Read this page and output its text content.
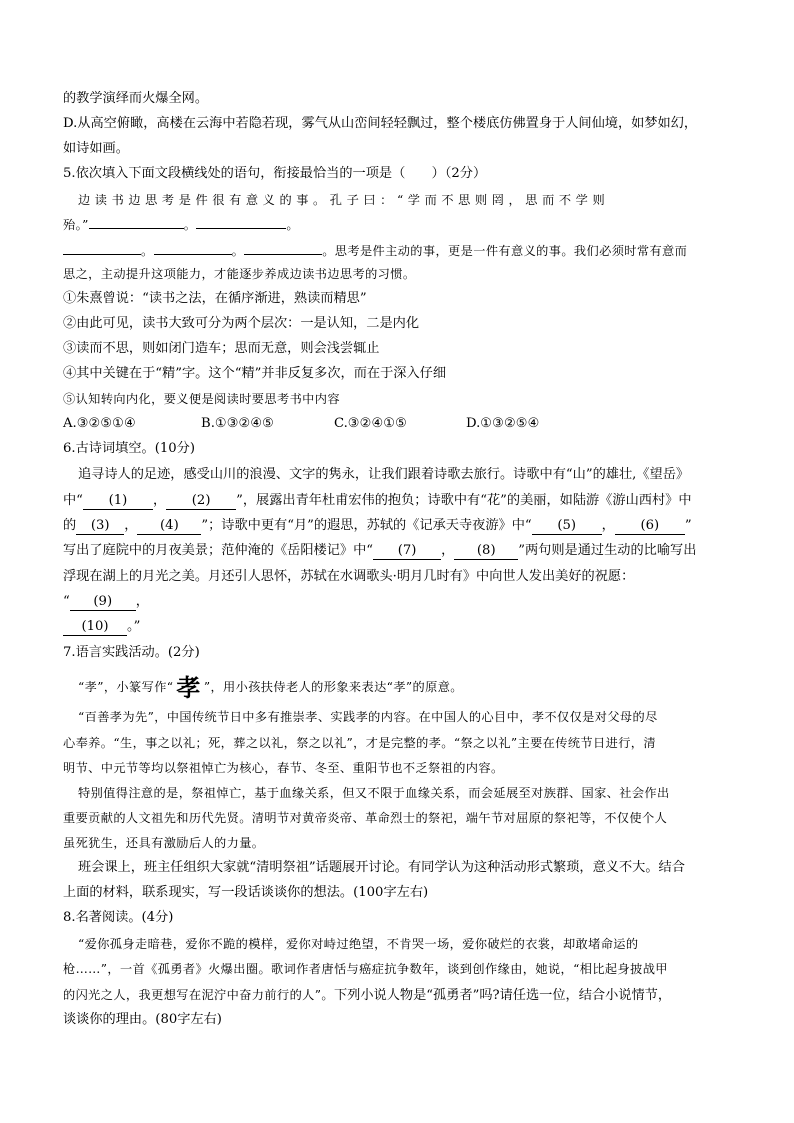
的教学演绎而火爆全网。
D.从高空俯瞰，高楼在云海中若隐若现，雾气从山峦间轻轻飘过，整个楼底仿佛置身于人间仙境，如梦如幻，
如诗如画。
5.依次填入下面文段横线处的语句，衔接最恰当的一项是（　　）（2分）
边读书边思考是件很有意义的事。孔子曰：“学而不思则罔，思而不学则
殆。”	。	。
。	。	。思考是件主动的事，更是一件有意义的事。我们必须时常有意而
思之，主动提升这项能力，才能逐步养成边读书边思考的习惯。
①朱熹曾说：“读书之法，在循序渐进，熟读而精思”
②由此可见，读书大致可分为两个层次：一是认知，二是内化
③读而不思，则如闭门造车；思而无意，则会浅尝辄止
④其中关键在于“精”字。这个“精”并非反复多次，而在于深入仔细
⑤认知转向内化，要义便是阅读时要思考书中内容
A.③②⑤①④	B.①③②④⑤	C.③②④①⑤	D.①③②⑤④
6.古诗词填空。(10分)
追寻诗人的足迹，感受山川的浪漫、文字的隽永，让我们跟着诗歌去旅行。诗歌中有“山”的雄壮,《望岳》
中“ (1) ， (2) ”，展露出青年杜甫宏伟的抱负；诗歌中有“花”的美丽，如陆游《游山西村》中
的 (3) ， (4) ”；诗歌中更有“月”的遐思，苏轼的《记承天寺夜游》中“ (5) ， (6) ”
写出了庭院中的月夜美景；范仲淹的《岳阳楼记》中“ (7) ， (8) ”两句则是通过生动的比喻写出
浮现在湖上的月光之美。月还引人思怀，苏轼在水调歌头·明月几时有》中向世人发出美好的祝愿：
“ (9) ，
(10) 。”
7.语言实践活动。(2分)
“孝”，小篆写作“ 孝 ”，用小孩扶侍老人的形象来表达“孝”的原意。
“百善孝为先”，中国传统节日中多有推崇孝、实践孝的内容。在中国人的心目中，孝不仅仅是对父母的尽
心奉养。“生，事之以礼；死，葬之以礼，祭之以礼”，才是完整的孝。“祭之以礼”主要在传统节日进行，清
明节、中元节等均以祭祖悼亡为核心，春节、冬至、重阳节也不乏祭祖的内容。
特别值得注意的是，祭祖悼亡，基于血缘关系，但又不限于血缘关系，而会延展至对族群、国家、社会作出
重要贡献的人文祖先和历代先贤。清明节对黄帝炎帝、革命烈士的祭祀，端午节对屈原的祭祀等，不仅使个人
虽死犹生，还具有激励后人的力量。
班会课上，班主任组织大家就“清明祭祖”话题展开讨论。有同学认为这种活动形式繁琐，意义不大。结合
上面的材料，联系现实，写一段话谈谈你的想法。(100字左右)
8.名著阅读。(4分)
“爱你孤身走暗巷，爱你不跪的模样，爱你对峙过绝望，不肯哭一场，爱你破烂的衣裳，却敢堵命运的
枪……”，一首《孤勇者》火爆出圈。歌词作者唐恬与癌症抗争数年，谈到创作缘由，她说，“相比起身披战甲
的闪光之人，我更想写在泥泞中奋力前行的人”。下列小说人物是“孤勇者”吗?请任选一位，结合小说情节，
谈谈你的理由。(80字左右)
